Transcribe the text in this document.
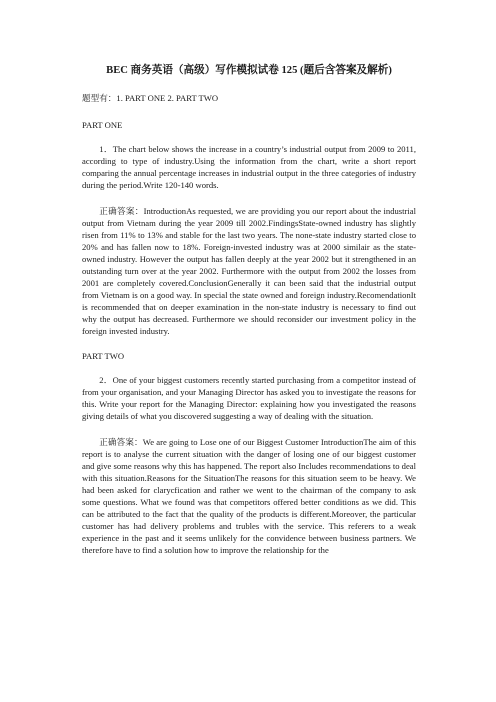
BEC 商务英语（高级）写作模拟试卷 125 (题后含答案及解析)
题型有：1. PART ONE 2. PART TWO
PART ONE
1．The chart below shows the increase in a country’s industrial output from 2009 to 2011, according to type of industry.Using the information from the chart, write a short report comparing the annual percentage increases in industrial output in the three categories of industry during the period.Write 120-140 words.
正确答案：IntroductionAs requested, we are providing you our report about the industrial output from Vietnam during the year 2009 till 2002.FindingsState-owned industry has slightly risen from 11% to 13% and stable for the last two years. The none-state industry started close to 20% and has fallen now to 18%. Foreign-invested industry was at 2000 similair as the state-owned industry. However the output has fallen deeply at the year 2002 but it strengthened in an outstanding turn over at the year 2002. Furthermore with the output from 2002 the losses from 2001 are completely covered.ConclusionGenerally it can been said that the industrial output from Vietnam is on a good way. In special the state owned and foreign industry.RecomendationIt is recommended that on deeper examination in the non-state industry is necessary to find out why the output has decreased. Furthermore we should reconsider our investment policy in the foreign invested industry.
PART TWO
2．One of your biggest customers recently started purchasing from a competitor instead of from your organisation, and your Managing Director has asked you to investigate the reasons for this. Write your report for the Managing Director: explaining how you investigated the reasons giving details of what you discovered suggesting a way of dealing with the situation.
正确答案：We are going to Lose one of our Biggest Customer IntroductionThe aim of this report is to analyse the current situation with the danger of losing one of our biggest customer and give some reasons why this has happened. The report also Includes recommendations to deal with this situation.Reasons for the SituationThe reasons for this situation seem to be heavy. We had been asked for clarycfication and rather we went to the chairman of the company to ask some questions. What we found was that competitors offered better conditions as we did. This can be attributed to the fact that the quality of the products is different.Moreover, the particular customer has had delivery problems and trubles with the service. This referers to a weak experience in the past and it seems unlikely for the convidence between business partners. We therefore have to find a solution how to improve the relationship for the
